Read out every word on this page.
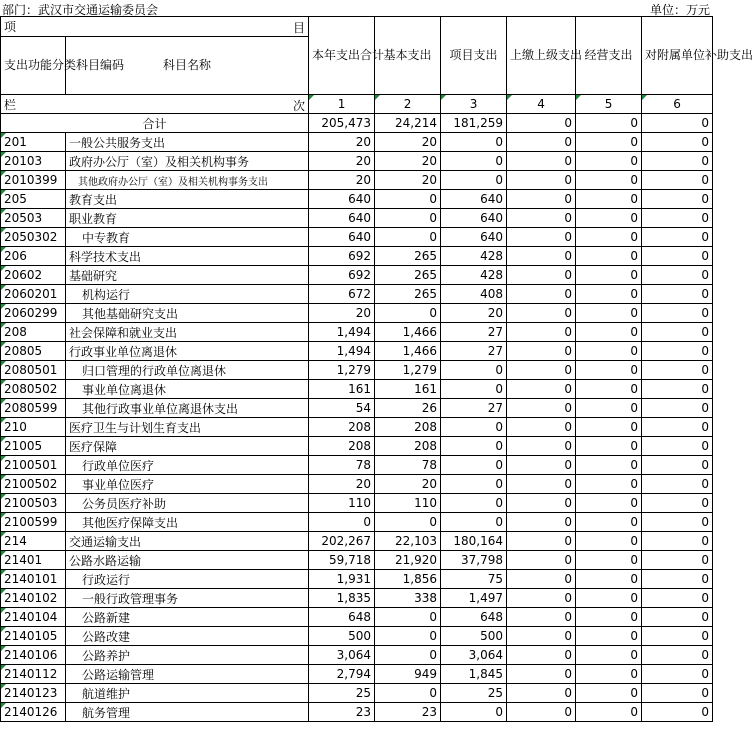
部门：武汉市交通运输委员会	单位：万元
项 目		本年支出合计	基本支出	项目支出	上缴上级支出	经营支出	对附属单位补助支出
支出功能分类科目编码	科目名称						
栏 次		1	2	3	4	5	6
合计		205,473	24,214	181,259	0	0	0
201	一般公共服务支出	20	20	0	0	0	0
20103	政府办公厅（室）及相关机构事务	20	20	0	0	0	0
2010399	其他政府办公厅（室）及相关机构事务支出	20	20	0	0	0	0
205	教育支出	640	0	640	0	0	0
20503	职业教育	640	0	640	0	0	0
2050302	中专教育	640	0	640	0	0	0
206	科学技术支出	692	265	428	0	0	0
20602	基础研究	692	265	428	0	0	0
2060201	机构运行	672	265	408	0	0	0
2060299	其他基础研究支出	20	0	20	0	0	0
208	社会保障和就业支出	1,494	1,466	27	0	0	0
20805	行政事业单位离退休	1,494	1,466	27	0	0	0
2080501	归口管理的行政单位离退休	1,279	1,279	0	0	0	0
2080502	事业单位离退休	161	161	0	0	0	0
2080599	其他行政事业单位离退休支出	54	26	27	0	0	0
210	医疗卫生与计划生育支出	208	208	0	0	0	0
21005	医疗保障	208	208	0	0	0	0
2100501	行政单位医疗	78	78	0	0	0	0
2100502	事业单位医疗	20	20	0	0	0	0
2100503	公务员医疗补助	110	110	0	0	0	0
2100599	其他医疗保障支出	0	0	0	0	0	0
214	交通运输支出	202,267	22,103	180,164	0	0	0
21401	公路水路运输	59,718	21,920	37,798	0	0	0
2140101	行政运行	1,931	1,856	75	0	0	0
2140102	一般行政管理事务	1,835	338	1,497	0	0	0
2140104	公路新建	648	0	648	0	0	0
2140105	公路改建	500	0	500	0	0	0
2140106	公路养护	3,064	0	3,064	0	0	0
2140112	公路运输管理	2,794	949	1,845	0	0	0
2140123	航道维护	25	0	25	0	0	0
2140126	航务管理	23	23	0	0	0	0
